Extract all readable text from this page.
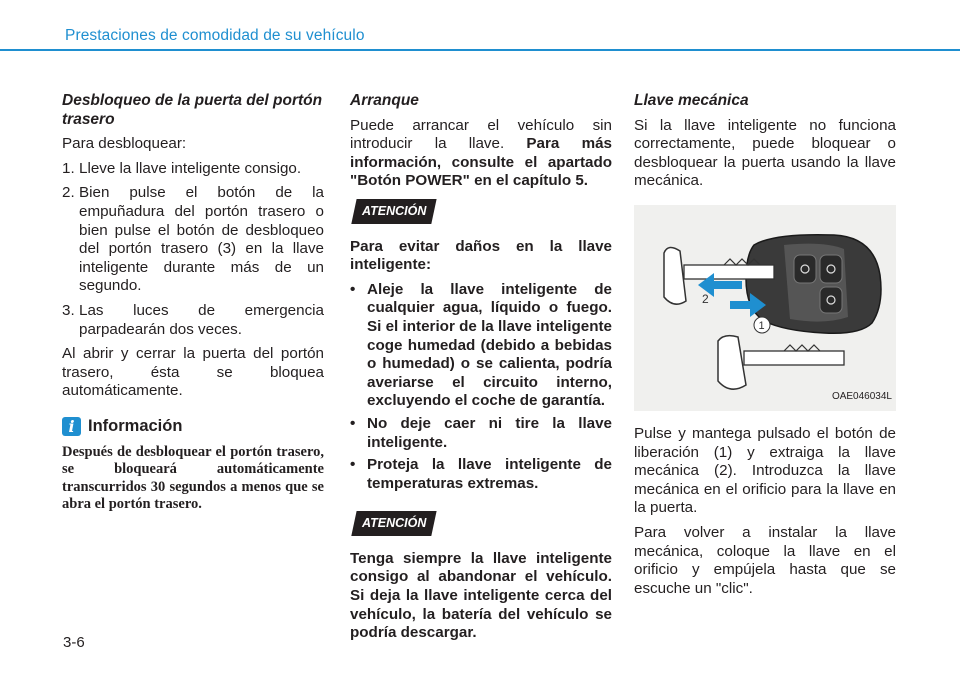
Prestaciones de comodidad de su vehículo
Desbloqueo de la puerta del portón trasero

Para desbloquear:

1. Lleve la llave inteligente consigo.
2. Bien pulse el botón de la empuñadura del portón trasero o bien pulse el botón de desbloqueo del portón trasero (3) en la llave inteligente durante más de un segundo.
3. Las luces de emergencia parpadearán dos veces.

Al abrir y cerrar la puerta del portón trasero, ésta se bloquea automáticamente.

i Información
Después de desbloquear el portón trasero, se bloqueará automáticamente transcurridos 30 segundos a menos que se abra el portón trasero.
Arranque

Puede arrancar el vehículo sin introducir la llave. Para más información, consulte el apartado "Botón POWER" en el capítulo 5.

ATENCIÓN

Para evitar daños en la llave inteligente:

• Aleje la llave inteligente de cualquier agua, líquido o fuego. Si el interior de la llave inteligente coge humedad (debido a bebidas o humedad) o se calienta, podría averiarse el circuito interno, excluyendo el coche de garantía.
• No deje caer ni tire la llave inteligente.
• Proteja la llave inteligente de temperaturas extremas.
ATENCIÓN

Tenga siempre la llave inteligente consigo al abandonar el vehículo. Si deja la llave inteligente cerca del vehículo, la batería del vehículo se podría descargar.

Llave mecánica

Si la llave inteligente no funciona correctamente, puede bloquear o desbloquear la puerta usando la llave mecánica.

2
1
OAE046034L

Pulse y mantega pulsado el botón de liberación (1) y extraiga la llave mecánica (2). Introduzca la llave mecánica en el orificio para la llave en la puerta.

Para volver a instalar la llave mecánica, coloque la llave en el orificio y empújela hasta que se escuche un "clic".

3-6
